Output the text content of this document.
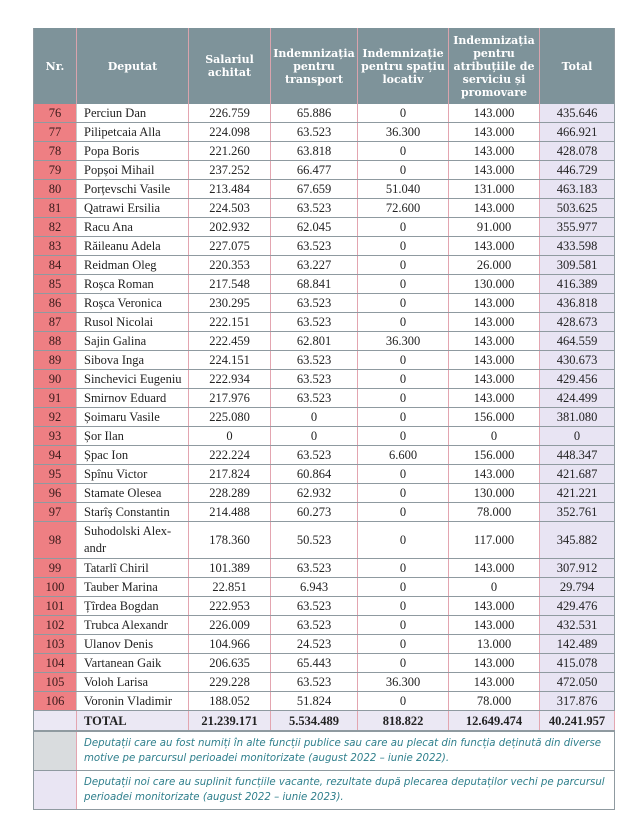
Nr.	Deputat	Salariul achitat	Indemnizația pentru transport	Indemnizație pentru spațiu locativ	Indemnizația pentru atribuțiile de serviciu și promovare	Total
76	Perciun Dan	226.759	65.886	0	143.000	435.646
77	Pilipetcaia Alla	224.098	63.523	36.300	143.000	466.921
78	Popa Boris	221.260	63.818	0	143.000	428.078
79	Popșoi Mihail	237.252	66.477	0	143.000	446.729
80	Porțevschi Vasile	213.484	67.659	51.040	131.000	463.183
81	Qatrawi Ersilia	224.503	63.523	72.600	143.000	503.625
82	Racu Ana	202.932	62.045	0	91.000	355.977
83	Răileanu Adela	227.075	63.523	0	143.000	433.598
84	Reidman Oleg	220.353	63.227	0	26.000	309.581
85	Roșca Roman	217.548	68.841	0	130.000	416.389
86	Roșca Veronica	230.295	63.523	0	143.000	436.818
87	Rusol Nicolai	222.151	63.523	0	143.000	428.673
88	Sajin Galina	222.459	62.801	36.300	143.000	464.559
89	Sibova Inga	224.151	63.523	0	143.000	430.673
90	Sinchevici Eugeniu	222.934	63.523	0	143.000	429.456
91	Smirnov Eduard	217.976	63.523	0	143.000	424.499
92	Șoimaru Vasile	225.080	0	0	156.000	381.080
93	Șor Ilan	0	0	0	0	0
94	Șpac Ion	222.224	63.523	6.600	156.000	448.347
95	Spînu Victor	217.824	60.864	0	143.000	421.687
96	Stamate Olesea	228.289	62.932	0	130.000	421.221
97	Starîș Constantin	214.488	60.273	0	78.000	352.761
98	Suhodolski Alex-andr	178.360	50.523	0	117.000	345.882
99	Tatarlî Chiril	101.389	63.523	0	143.000	307.912
100	Tauber Marina	22.851	6.943	0	0	29.794
101	Țîrdea Bogdan	222.953	63.523	0	143.000	429.476
102	Trubca Alexandr	226.009	63.523	0	143.000	432.531
103	Ulanov Denis	104.966	24.523	0	13.000	142.489
104	Vartanean Gaik	206.635	65.443	0	143.000	415.078
105	Voloh Larisa	229.228	63.523	36.300	143.000	472.050
106	Voronin Vladimir	188.052	51.824	0	78.000	317.876
	TOTAL	21.239.171	5.534.489	818.822	12.649.474	40.241.957
	Deputații care au fost numiți în alte funcții publice sau care au plecat din funcția deținută din diverse motive pe parcursul perioadei monitorizate (august 2022 – iunie 2022).					
	Deputații noi care au suplinit funcțiile vacante, rezultate după plecarea deputaților vechi pe parcursul perioadei monitorizate (august 2022 – iunie 2023).					
